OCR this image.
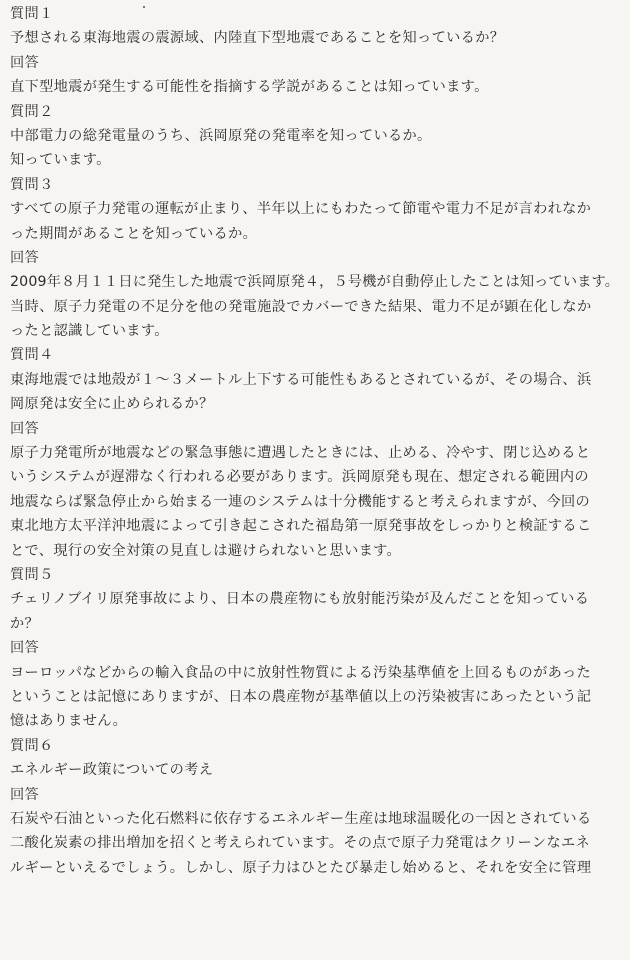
質問１
予想される東海地震の震源域、内陸直下型地震であることを知っているか？
回答
直下型地震が発生する可能性を指摘する学説があることは知っています。
質問２
中部電力の総発電量のうち、浜岡原発の発電率を知っているか。
知っています。
質問３
すべての原子力発電の運転が止まり、半年以上にもわたって節電や電力不足が言われなか
った期間があることを知っているか。
回答
2009年８月１１日に発生した地震で浜岡原発４，５号機が自動停止したことは知っています。
当時、原子力発電の不足分を他の発電施設でカバーできた結果、電力不足が顕在化しなか
ったと認識しています。
質問４
東海地震では地殻が１～３メートル上下する可能性もあるとされているが、その場合、浜
岡原発は安全に止められるか？
回答
原子力発電所が地震などの緊急事態に遭遇したときには、止める、冷やす、閉じ込めると
いうシステムが遅滞なく行われる必要があります。浜岡原発も現在、想定される範囲内の
地震ならば緊急停止から始まる一連のシステムは十分機能すると考えられますが、今回の
東北地方太平洋沖地震によって引き起こされた福島第一原発事故をしっかりと検証するこ
とで、現行の安全対策の見直しは避けられないと思います。
質問５
チェリノブイリ原発事故により、日本の農産物にも放射能汚染が及んだことを知っている
か？
回答
ヨーロッパなどからの輸入食品の中に放射性物質による汚染基準値を上回るものがあった
ということは記憶にありますが、日本の農産物が基準値以上の汚染被害にあったという記
憶はありません。
質問６
エネルギー政策についての考え
回答
石炭や石油といった化石燃料に依存するエネルギー生産は地球温暖化の一因とされている
二酸化炭素の排出増加を招くと考えられています。その点で原子力発電はクリーンなエネ
ルギーといえるでしょう。しかし、原子力はひとたび暴走し始めると、それを安全に管理
